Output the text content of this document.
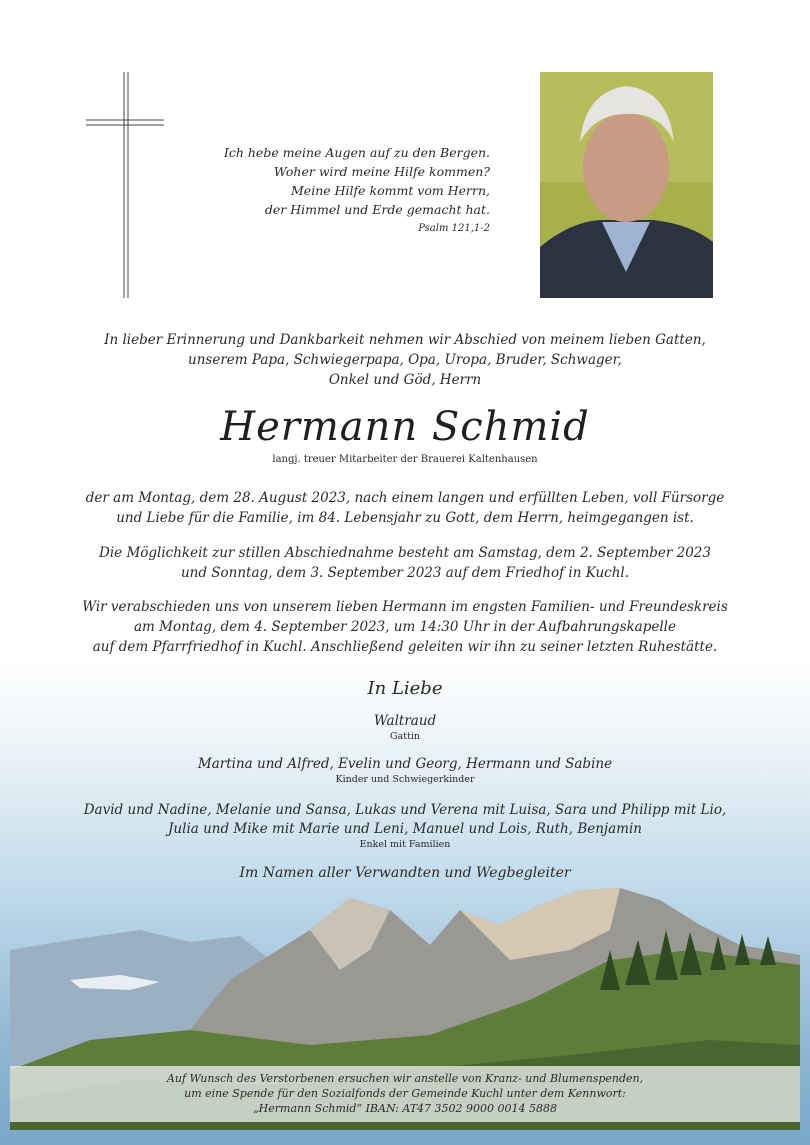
Ich hebe meine Augen auf zu den Bergen.
Woher wird meine Hilfe kommen?
Meine Hilfe kommt vom Herrn,
der Himmel und Erde gemacht hat.
Psalm 121,1-2
In lieber Erinnerung und Dankbarkeit nehmen wir Abschied von meinem lieben Gatten,
unserem Papa, Schwiegerpapa, Opa, Uropa, Bruder, Schwager,
Onkel und Göd, Herrn
Hermann Schmid
langj. treuer Mitarbeiter der Brauerei Kaltenhausen
der am Montag, dem 28. August 2023, nach einem langen und erfüllten Leben, voll Fürsorge
und Liebe für die Familie, im 84. Lebensjahr zu Gott, dem Herrn, heimgegangen ist.
Die Möglichkeit zur stillen Abschiednahme besteht am Samstag, dem 2. September 2023
und Sonntag, dem 3. September 2023 auf dem Friedhof in Kuchl.
Wir verabschieden uns von unserem lieben Hermann im engsten Familien- und Freundeskreis
am Montag, dem 4. September 2023, um 14:30 Uhr in der Aufbahrungskapelle
auf dem Pfarrfriedhof in Kuchl. Anschließend geleiten wir ihn zu seiner letzten Ruhestätte.
In Liebe
Waltraud
Gattin
Martina und Alfred, Evelin und Georg, Hermann und Sabine
Kinder und Schwiegerkinder
David und Nadine, Melanie und Sansa, Lukas und Verena mit Luisa, Sara und Philipp mit Lio,
Julia und Mike mit Marie und Leni, Manuel und Lois, Ruth, Benjamin
Enkel mit Familien
Im Namen aller Verwandten und Wegbegleiter
Auf Wunsch des Verstorbenen ersuchen wir anstelle von Kranz- und Blumenspenden,
um eine Spende für den Sozialfonds der Gemeinde Kuchl unter dem Kennwort:
„Hermann Schmid“ IBAN: AT47 3502 9000 0014 5888
